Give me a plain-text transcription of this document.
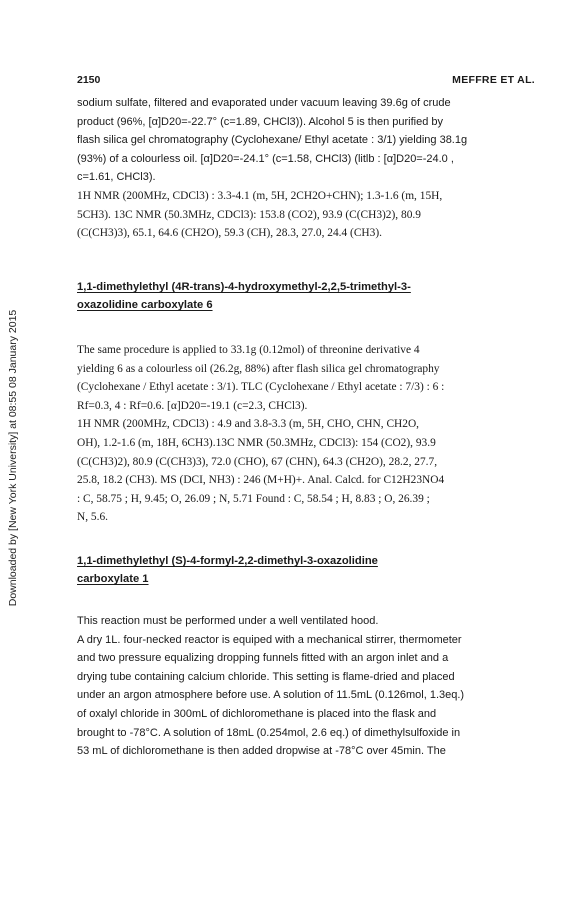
Downloaded by [New York University] at 08:55 08 January 2015
2150	MEFFRE ET AL.
sodium sulfate, filtered and evaporated under vacuum leaving 39.6g of crude
product (96%, [α]D20=-22.7° (c=1.89, CHCl3)). Alcohol 5 is then purified by
flash silica gel chromatography (Cyclohexane/ Ethyl acetate : 3/1) yielding 38.1g
(93%) of a colourless oil. [α]D20=-24.1° (c=1.58, CHCl3) (litlb : [α]D20=-24.0 ,
c=1.61, CHCl3).
1H NMR (200MHz, CDCl3) : 3.3-4.1 (m, 5H, 2CH2O+CHN); 1.3-1.6 (m, 15H,
5CH3). 13C NMR (50.3MHz, CDCl3): 153.8 (CO2), 93.9 (C(CH3)2), 80.9
(C(CH3)3), 65.1, 64.6 (CH2O), 59.3 (CH), 28.3, 27.0, 24.4 (CH3).
1,1-dimethylethyl (4R-trans)-4-hydroxymethyl-2,2,5-trimethyl-3-
oxazolidine carboxylate 6
The same procedure is applied to 33.1g (0.12mol) of threonine derivative 4
yielding 6 as a colourless oil (26.2g, 88%) after flash silica gel chromatography
(Cyclohexane / Ethyl acetate : 3/1). TLC (Cyclohexane / Ethyl acetate : 7/3) : 6 :
Rf=0.3, 4 : Rf=0.6. [α]D20=-19.1 (c=2.3, CHCl3).
1H NMR (200MHz, CDCl3) : 4.9 and 3.8-3.3 (m, 5H, CHO, CHN, CH2O,
OH), 1.2-1.6 (m, 18H, 6CH3).13C NMR (50.3MHz, CDCl3): 154 (CO2), 93.9
(C(CH3)2), 80.9 (C(CH3)3), 72.0 (CHO), 67 (CHN), 64.3 (CH2O), 28.2, 27.7,
25.8, 18.2 (CH3). MS (DCI, NH3) : 246 (M+H)+. Anal. Calcd. for C12H23NO4
: C, 58.75 ; H, 9.45; O, 26.09 ; N, 5.71 Found : C, 58.54 ; H, 8.83 ; O, 26.39 ;
N, 5.6.
1,1-dimethylethyl (S)-4-formyl-2,2-dimethyl-3-oxazolidine
carboxylate 1
This reaction must be performed under a well ventilated hood.
A dry 1L. four-necked reactor is equiped with a mechanical stirrer, thermometer
and two pressure equalizing dropping funnels fitted with an argon inlet and a
drying tube containing calcium chloride. This setting is flame-dried and placed
under an argon atmosphere before use. A solution of 11.5mL (0.126mol, 1.3eq.)
of oxalyl chloride in 300mL of dichloromethane is placed into the flask and
brought to -78°C. A solution of 18mL (0.254mol, 2.6 eq.) of dimethylsulfoxide in
53 mL of dichloromethane is then added dropwise at -78°C over 45min. The
